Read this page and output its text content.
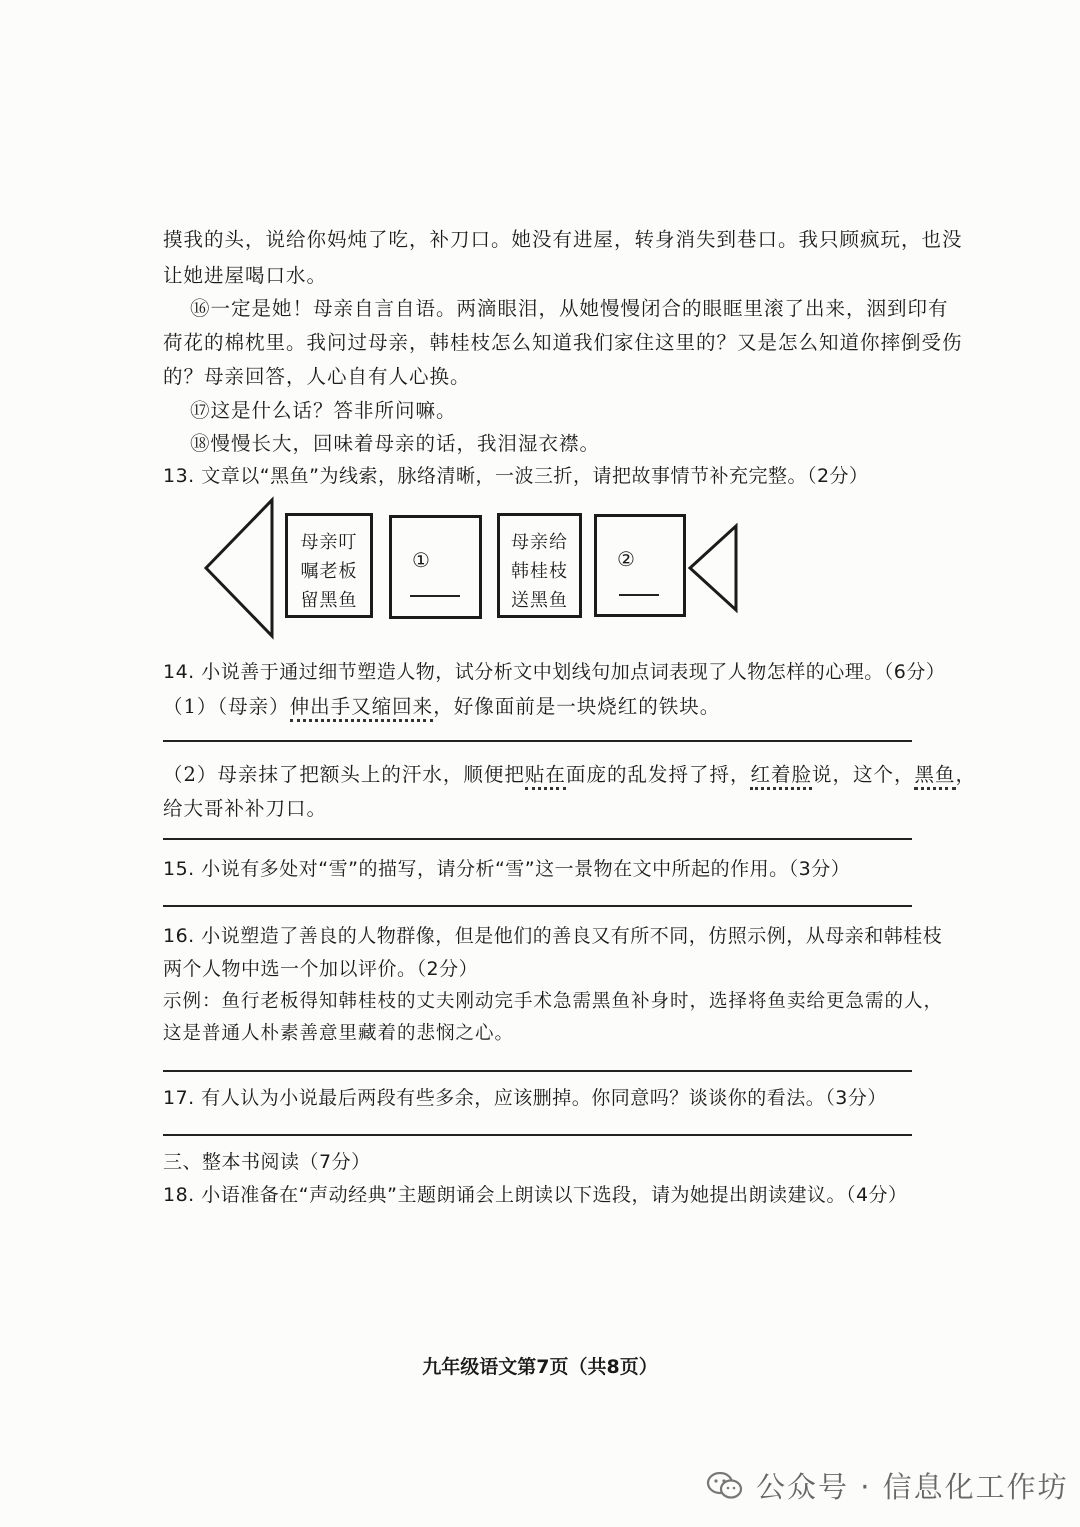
摸我的头，说给你妈炖了吃，补刀口。她没有进屋，转身消失到巷口。我只顾疯玩，也没
让她进屋喝口水。
⑯一定是她！母亲自言自语。两滴眼泪，从她慢慢闭合的眼眶里滚了出来，洇到印有
荷花的棉枕里。我问过母亲，韩桂枝怎么知道我们家住这里的？又是怎么知道你摔倒受伤
的？母亲回答，人心自有人心换。
⑰这是什么话？答非所问嘛。
⑱慢慢长大，回味着母亲的话，我泪湿衣襟。
13. 文章以“黑鱼”为线索，脉络清晰，一波三折，请把故事情节补充完整。（2分）
母亲叮
嘱老板
留黑鱼
①
母亲给
韩桂枝
送黑鱼
②
14. 小说善于通过细节塑造人物，试分析文中划线句加点词表现了人物怎样的心理。（6分）
（1）（母亲）伸出手又缩回来，好像面前是一块烧红的铁块。
（2）母亲抹了把额头上的汗水，顺便把贴在面庞的乱发捋了捋，红着脸说，这个，黑鱼，
给大哥补补刀口。
15. 小说有多处对“雪”的描写，请分析“雪”这一景物在文中所起的作用。（3分）
16. 小说塑造了善良的人物群像，但是他们的善良又有所不同，仿照示例，从母亲和韩桂枝
两个人物中选一个加以评价。（2分）
示例：鱼行老板得知韩桂枝的丈夫刚动完手术急需黑鱼补身时，选择将鱼卖给更急需的人，
这是普通人朴素善意里藏着的悲悯之心。
17. 有人认为小说最后两段有些多余，应该删掉。你同意吗？谈谈你的看法。（3分）
三、整本书阅读（7分）
18. 小语准备在“声动经典”主题朗诵会上朗读以下选段，请为她提出朗读建议。（4分）
九年级语文第7页（共8页）
公众号 · 信息化工作坊
